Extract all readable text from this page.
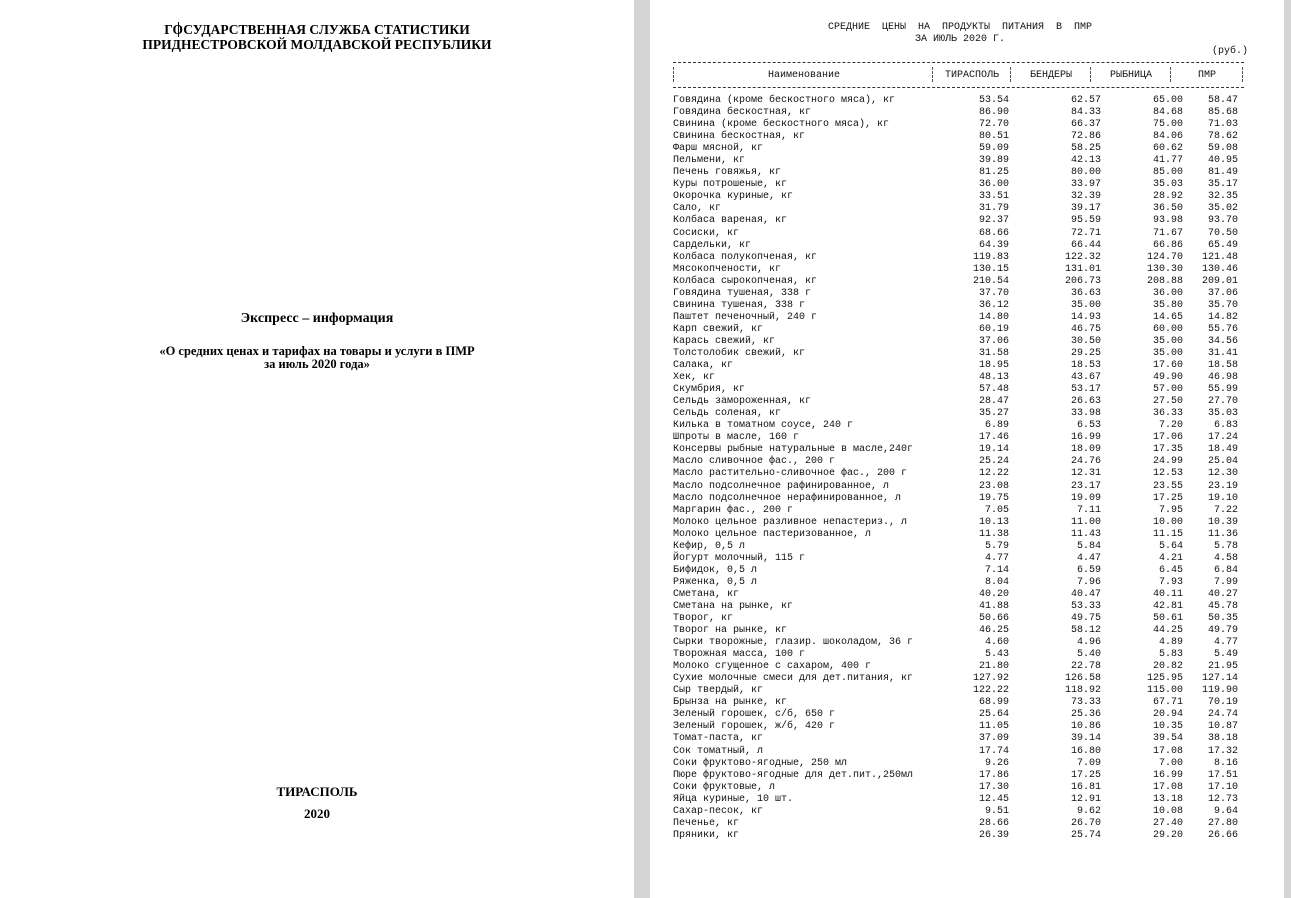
ГОСУДАРСТВЕННАЯ СЛУЖБА СТАТИСТИКИ
ПРИДНЕСТРОВСКОЙ МОЛДАВСКОЙ РЕСПУБЛИКИ
Экспресс – информация
«О средних ценах и тарифах на товары и услуги в ПМР
за июль 2020 года»
ТИРАСПОЛЬ
2020
СРЕДНИЕ  ЦЕНЫ  НА  ПРОДУКТЫ  ПИТАНИЯ  В  ПМР
ЗА ИЮЛЬ 2020 Г.
(руб.)
Наименование	ТИРАСПОЛЬ	БЕНДЕРЫ	РЫБНИЦА	ПМР
Говядина (кроме бескостного мяса), кг	53.54	62.57	65.00	58.47
Говядина бескостная, кг	86.90	84.33	84.68	85.68
Свинина (кроме бескостного мяса), кг	72.70	66.37	75.00	71.03
Свинина бескостная, кг	80.51	72.86	84.06	78.62
Фарш мясной, кг	59.09	58.25	60.62	59.08
Пельмени, кг	39.89	42.13	41.77	40.95
Печень говяжья, кг	81.25	80.00	85.00	81.49
Куры потрошеные, кг	36.00	33.97	35.03	35.17
Окорочка куриные, кг	33.51	32.39	28.92	32.35
Сало, кг	31.79	39.17	36.50	35.02
Колбаса вареная, кг	92.37	95.59	93.98	93.70
Сосиски, кг	68.66	72.71	71.67	70.50
Сардельки, кг	64.39	66.44	66.86	65.49
Колбаса полукопченая, кг	119.83	122.32	124.70	121.48
Мясокопчености, кг	130.15	131.01	130.30	130.46
Колбаса сырокопченая, кг	210.54	206.73	208.88	209.01
Говядина тушеная, 338 г	37.70	36.63	36.00	37.06
Свинина тушеная, 338 г	36.12	35.00	35.80	35.70
Паштет печеночный, 240 г	14.80	14.93	14.65	14.82
Карп свежий, кг	60.19	46.75	60.00	55.76
Карась свежий, кг	37.06	30.50	35.00	34.56
Толстолобик свежий, кг	31.58	29.25	35.00	31.41
Салака, кг	18.95	18.53	17.60	18.58
Хек, кг	48.13	43.67	49.90	46.98
Скумбрия, кг	57.48	53.17	57.00	55.99
Сельдь замороженная, кг	28.47	26.63	27.50	27.70
Сельдь соленая, кг	35.27	33.98	36.33	35.03
Килька в томатном соусе, 240 г	6.89	6.53	7.20	6.83
Шпроты в масле, 160 г	17.46	16.99	17.06	17.24
Консервы рыбные натуральные в масле,240г	19.14	18.09	17.35	18.49
Масло сливочное фас., 200 г	25.24	24.76	24.99	25.04
Масло растительно-сливочное фас., 200 г	12.22	12.31	12.53	12.30
Масло подсолнечное рафинированное, л	23.08	23.17	23.55	23.19
Масло подсолнечное нерафинированное, л	19.75	19.09	17.25	19.10
Маргарин фас., 200 г	7.05	7.11	7.95	7.22
Молоко цельное разливное непастериз., л	10.13	11.00	10.00	10.39
Молоко цельное пастеризованное, л	11.38	11.43	11.15	11.36
Кефир, 0,5 л	5.79	5.84	5.64	5.78
Йогурт молочный, 115 г	4.77	4.47	4.21	4.58
Бифидок, 0,5 л	7.14	6.59	6.45	6.84
Ряженка, 0,5 л	8.04	7.96	7.93	7.99
Сметана, кг	40.20	40.47	40.11	40.27
Сметана на рынке, кг	41.88	53.33	42.81	45.78
Творог, кг	50.66	49.75	50.61	50.35
Творог на рынке, кг	46.25	58.12	44.25	49.79
Сырки творожные, глазир. шоколадом, 36 г	4.60	4.96	4.89	4.77
Творожная масса, 100 г	5.43	5.40	5.83	5.49
Молоко сгущенное с сахаром, 400 г	21.80	22.78	20.82	21.95
Сухие молочные смеси для дет.питания, кг	127.92	126.58	125.95	127.14
Сыр твердый, кг	122.22	118.92	115.00	119.90
Брынза на рынке, кг	68.99	73.33	67.71	70.19
Зеленый горошек, с/б, 650 г	25.64	25.36	20.94	24.74
Зеленый горошек, ж/б, 420 г	11.05	10.86	10.35	10.87
Томат-паста, кг	37.09	39.14	39.54	38.18
Сок томатный, л	17.74	16.80	17.08	17.32
Соки фруктово-ягодные, 250 мл	9.26	7.09	7.00	8.16
Пюре фруктово-ягодные для дет.пит.,250мл	17.86	17.25	16.99	17.51
Соки фруктовые, л	17.30	16.81	17.08	17.10
Яйца куриные, 10 шт.	12.45	12.91	13.18	12.73
Сахар-песок, кг	9.51	9.62	10.08	9.64
Печенье, кг	28.66	26.70	27.40	27.80
Пряники, кг	26.39	25.74	29.20	26.66
